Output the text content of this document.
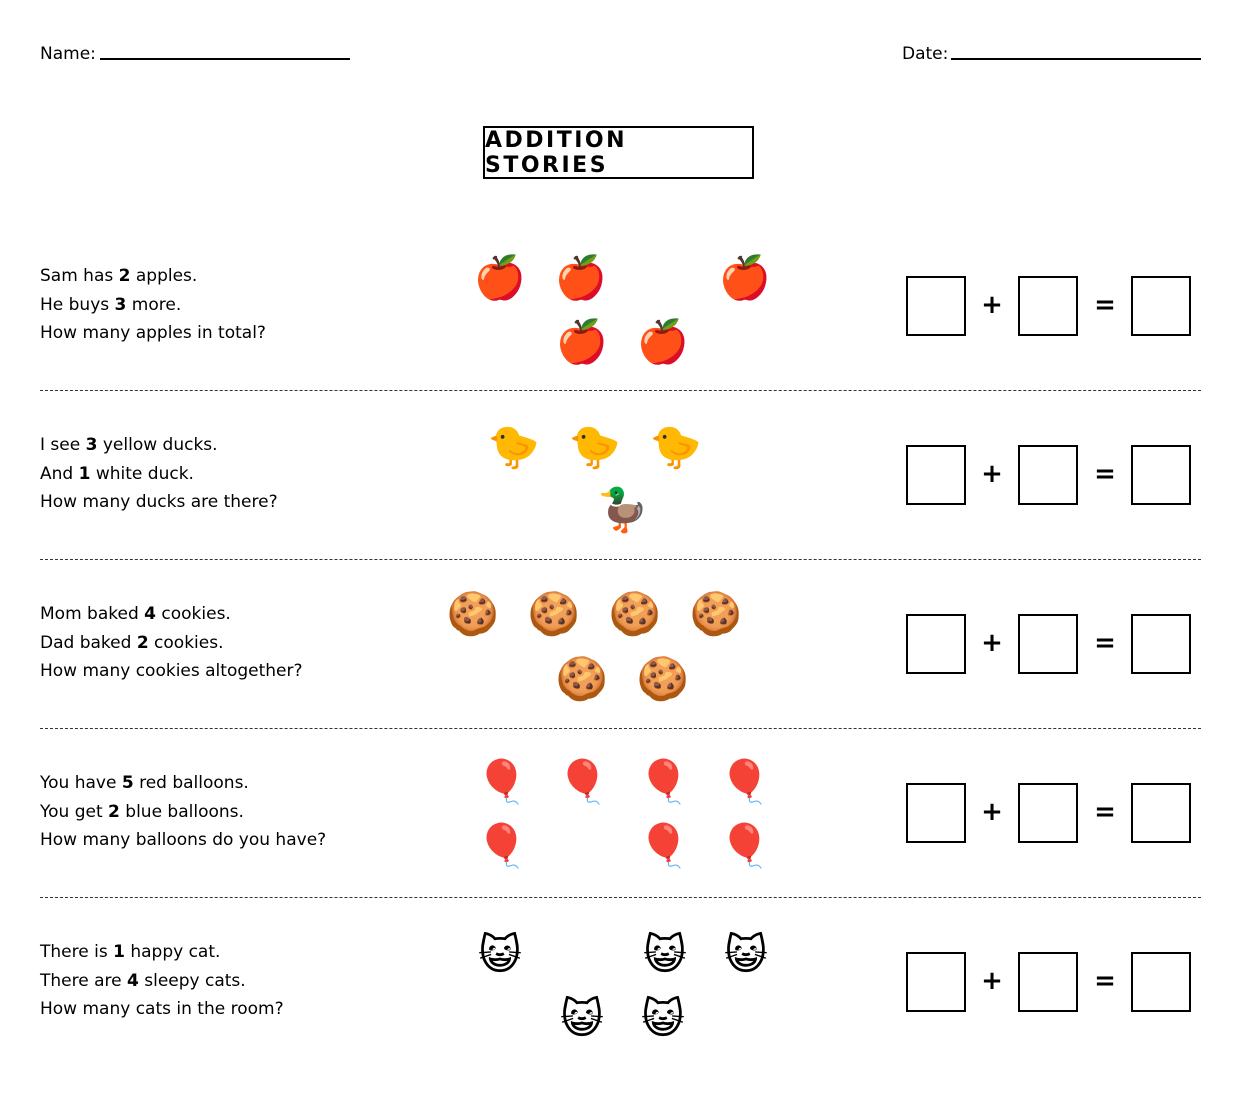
Name:	Date:
ADDITION STORIES
Sam has 2 apples.
He buys 3 more.
How many apples in total?
🍎 🍎	🍎
🍎 🍎
+	=
I see 3 yellow ducks.
And 1 white duck.
How many ducks are there?
🐤 🐤 🐤
🦆
+	=
Mom baked 4 cookies.
Dad baked 2 cookies.
How many cookies altogether?
🍪 🍪 🍪 🍪
🍪 🍪
+	=
You have 5 red balloons.
You get 2 blue balloons.
How many balloons do you have?
🎈 🎈 🎈 🎈
🎈	🎈 🎈
+	=
There is 1 happy cat.
There are 4 sleepy cats.
How many cats in the room?
😺	😺 😺
😺 😺
+	=
